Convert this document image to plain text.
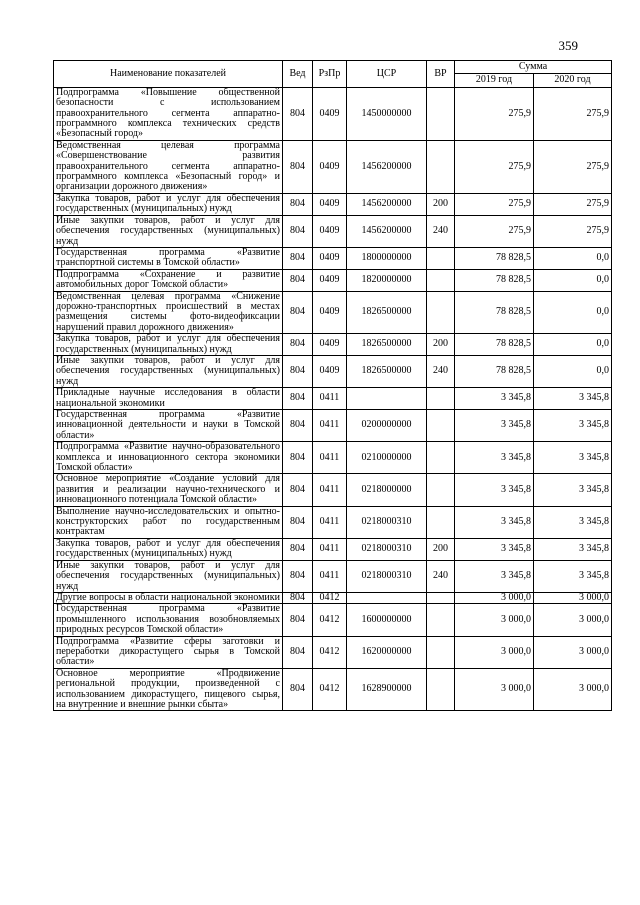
359
Наименование показателей	Вед	РзПр	ЦСР	ВР	Сумма	
					2019 год	2020 год
Подпрограмма «Повышение общественной безопасности с использованием правоохранительного сегмента аппаратно-программного комплекса технических средств «Безопасный город»	804	0409	1450000000		275,9	275,9
Ведомственная целевая программа «Совершенствование развития правоохранительного сегмента аппаратно-программного комплекса «Безопасный город» и организации дорожного движения»	804	0409	1456200000		275,9	275,9
Закупка товаров, работ и услуг для обеспечения государственных (муниципальных) нужд	804	0409	1456200000	200	275,9	275,9
Иные закупки товаров, работ и услуг для обеспечения государственных (муниципальных) нужд	804	0409	1456200000	240	275,9	275,9
Государственная программа «Развитие транспортной системы в Томской области»	804	0409	1800000000		78 828,5	0,0
Подпрограмма «Сохранение и развитие автомобильных дорог Томской области»	804	0409	1820000000		78 828,5	0,0
Ведомственная целевая программа «Снижение дорожно-транспортных происшествий в местах размещения системы фото-видеофиксации нарушений правил дорожного движения»	804	0409	1826500000		78 828,5	0,0
Закупка товаров, работ и услуг для обеспечения государственных (муниципальных) нужд	804	0409	1826500000	200	78 828,5	0,0
Иные закупки товаров, работ и услуг для обеспечения государственных (муниципальных) нужд	804	0409	1826500000	240	78 828,5	0,0
Прикладные научные исследования в области национальной экономики	804	0411			3 345,8	3 345,8
Государственная программа «Развитие инновационной деятельности и науки в Томской области»	804	0411	0200000000		3 345,8	3 345,8
Подпрограмма «Развитие научно-образовательного комплекса и инновационного сектора экономики Томской области»	804	0411	0210000000		3 345,8	3 345,8
Основное мероприятие «Создание условий для развития и реализации научно-технического и инновационного потенциала Томской области»	804	0411	0218000000		3 345,8	3 345,8
Выполнение научно-исследовательских и опытно-конструкторских работ по государственным контрактам	804	0411	0218000310		3 345,8	3 345,8
Закупка товаров, работ и услуг для обеспечения государственных (муниципальных) нужд	804	0411	0218000310	200	3 345,8	3 345,8
Иные закупки товаров, работ и услуг для обеспечения государственных (муниципальных) нужд	804	0411	0218000310	240	3 345,8	3 345,8
Другие вопросы в области национальной экономики	804	0412			3 000,0	3 000,0
Государственная программа «Развитие промышленного использования возобновляемых природных ресурсов Томской области»	804	0412	1600000000		3 000,0	3 000,0
Подпрограмма «Развитие сферы заготовки и переработки дикорастущего сырья в Томской области»	804	0412	1620000000		3 000,0	3 000,0
Основное мероприятие «Продвижение региональной продукции, произведенной с использованием дикорастущего, пищевого сырья, на внутренние и внешние рынки сбыта»	804	0412	1628900000		3 000,0	3 000,0
